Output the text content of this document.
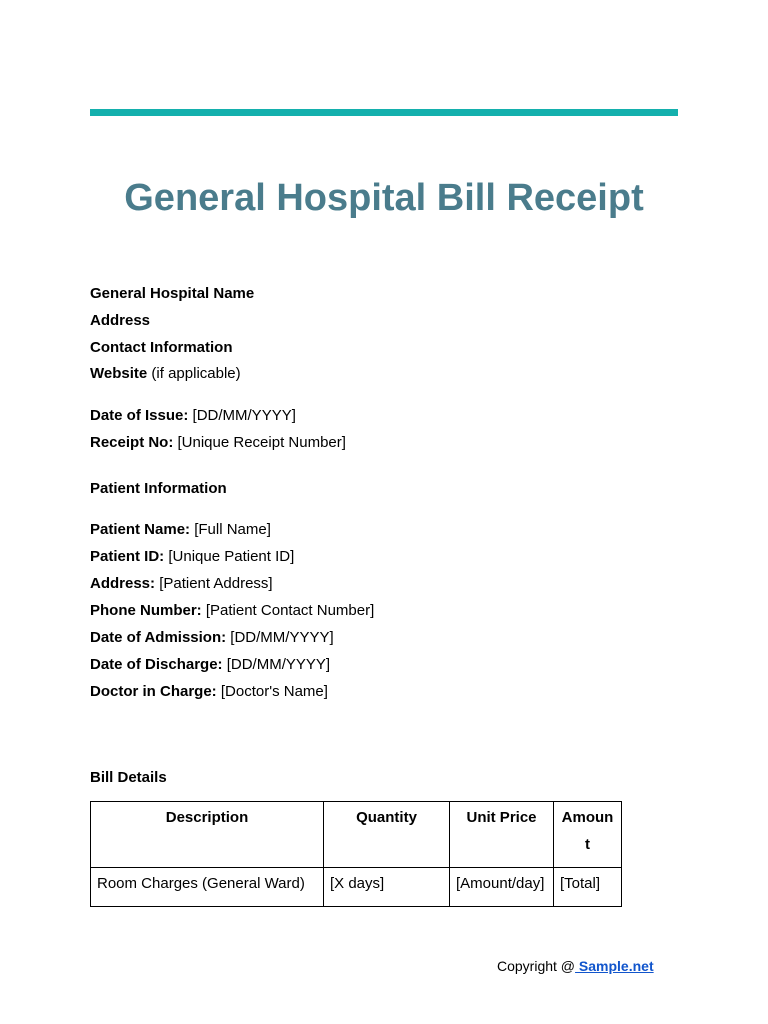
General Hospital Bill Receipt
General Hospital Name
Address
Contact Information
Website (if applicable)
Date of Issue: [DD/MM/YYYY]
Receipt No: [Unique Receipt Number]
Patient Information
Patient Name: [Full Name]
Patient ID: [Unique Patient ID]
Address: [Patient Address]
Phone Number: [Patient Contact Number]
Date of Admission: [DD/MM/YYYY]
Date of Discharge: [DD/MM/YYYY]
Doctor in Charge: [Doctor's Name]
Bill Details
Description	Quantity	Unit Price	Amount
Room Charges (General Ward)	[X days]	[Amount/day]	[Total]
Copyright @ Sample.net
